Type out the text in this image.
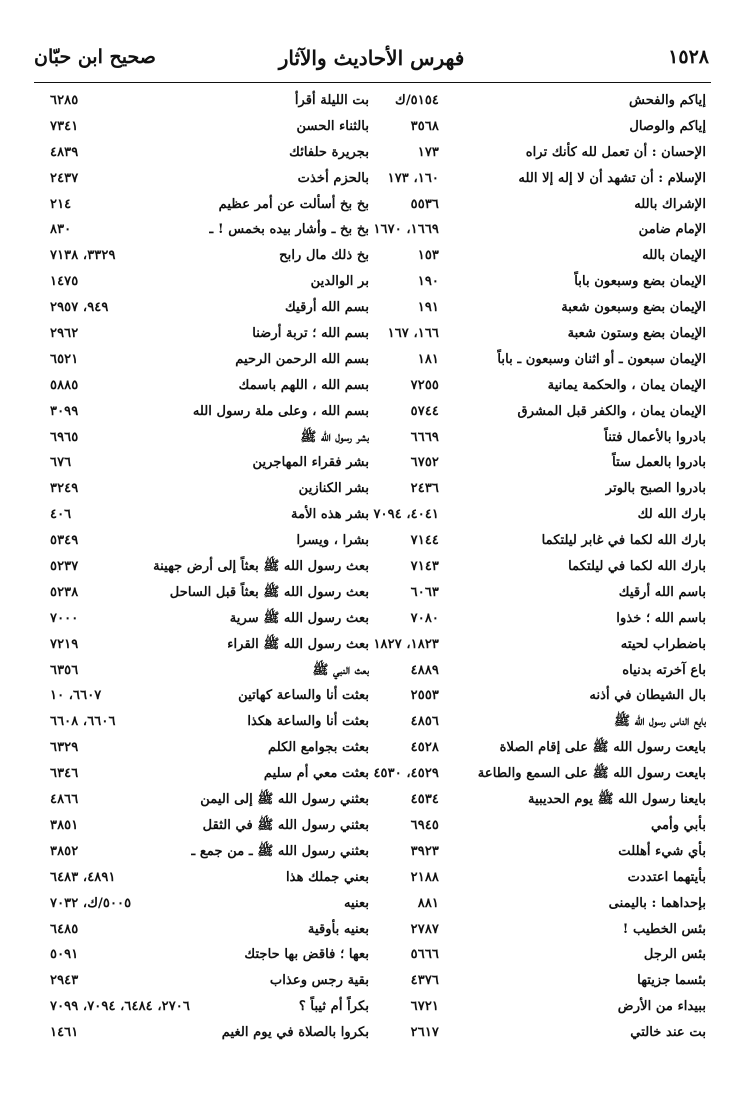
١٥٢٨
فهرس الأحاديث والآثار
صحيح ابن حبّان
إياكم والفحش
٥١٥٤/ك
بت الليلة أقرأ
٦٢٨٥
إياكم والوصال
٣٥٦٨
بالثناء الحسن
٧٣٤١
الإحسان : أن تعمل لله كأنك تراه
١٧٣
بجريرة حلفائك
٤٨٣٩
الإسلام : أن تشهد أن لا إله إلا الله
١٦٠، ١٧٣
بالحزم أخذت
٢٤٣٧
الإشراك بالله
٥٥٣٦
بخ بخ أسألت عن أمر عظيم
٢١٤
الإمام ضامن
١٦٦٩، ١٦٧٠
بخ بخ ـ وأشار بيده بخمس ! ـ
٨٣٠
الإيمان بالله
١٥٣
بخ ذلك مال رابح
٣٣٢٩، ٧١٣٨
الإيمان بضع وسبعون باباً
١٩٠
بر الوالدين
١٤٧٥
الإيمان بضع وسبعون شعبة
١٩١
بسم الله أرقيك
٩٤٩، ٢٩٥٧
الإيمان بضع وستون شعبة
١٦٦، ١٦٧
بسم الله ؛ تربة أرضنا
٢٩٦٢
الإيمان سبعون ـ أو اثنان وسبعون ـ باباً
١٨١
بسم الله الرحمن الرحيم
٦٥٢١
الإيمان يمان ، والحكمة يمانية
٧٢٥٥
بسم الله ، اللهم باسمك
٥٨٨٥
الإيمان يمان ، والكفر قبل المشرق
٥٧٤٤
بسم الله ، وعلى ملة رسول الله
٣٠٩٩
بادروا بالأعمال فتناً
٦٦٦٩
بشر رسول الله ﷺ
٦٩٦٥
بادروا بالعمل ستاً
٦٧٥٢
بشر فقراء المهاجرين
٦٧٦
بادروا الصبح بالوتر
٢٤٣٦
بشر الكنازين
٣٢٤٩
بارك الله لك
٤٠٤١، ٧٠٩٤
بشر هذه الأمة
٤٠٦
بارك الله لكما في غابر ليلتكما
٧١٤٤
بشرا ، ويسرا
٥٣٤٩
بارك الله لكما في ليلتكما
٧١٤٣
بعث رسول الله ﷺ بعثاً إلى أرض جهينة
٥٢٣٧
باسم الله أرقيك
٦٠٦٣
بعث رسول الله ﷺ بعثاً قبل الساحل
٥٢٣٨
باسم الله ؛ خذوا
٧٠٨٠
بعث رسول الله ﷺ سرية
٧٠٠٠
باضطراب لحيته
١٨٢٣، ١٨٢٧
بعث رسول الله ﷺ القراء
٧٢١٩
باع آخرته بدنياه
٤٨٨٩
بعث النبي ﷺ
٦٣٥٦
بال الشيطان في أذنه
٢٥٥٣
بعثت أنا والساعة كهاتين
٦٦٠٧، ١٠
بايع الناس رسول الله ﷺ
٤٨٥٦
بعثت أنا والساعة هكذا
٦٦٠٦، ٦٦٠٨
بايعت رسول الله ﷺ على إقام الصلاة
٤٥٢٨
بعثت بجوامع الكلم
٦٣٢٩
بايعت رسول الله ﷺ على السمع والطاعة
٤٥٢٩، ٤٥٣٠
بعثت معي أم سليم
٦٣٤٦
بايعنا رسول الله ﷺ يوم الحديبية
٤٥٣٤
بعثني رسول الله ﷺ إلى اليمن
٤٨٦٦
بأبي وأمي
٦٩٤٥
بعثني رسول الله ﷺ في الثقل
٣٨٥١
بأي شيء أهللت
٣٩٢٣
بعثني رسول الله ﷺ ـ من جمع ـ
٣٨٥٢
بأيتهما اعتددت
٢١٨٨
بعني جملك هذا
٤٨٩١، ٦٤٨٣
بإحداهما : باليمنى
٨٨١
بعنيه
٥٠٠٥/ك، ٧٠٣٢
بئس الخطيب !
٢٧٨٧
بعنيه بأوقية
٦٤٨٥
بئس الرجل
٥٦٦٦
بعها ؛ فاقض بها حاجتك
٥٠٩١
بئسما جزيتها
٤٣٧٦
بقية رجس وعذاب
٢٩٤٣
ببيداء من الأرض
٦٧٢١
بكراً أم ثيباً ؟
٢٧٠٦، ٦٤٨٤، ٧٠٩٤، ٧٠٩٩
بت عند خالتي
٢٦١٧
بكروا بالصلاة في يوم الغيم
١٤٦١
